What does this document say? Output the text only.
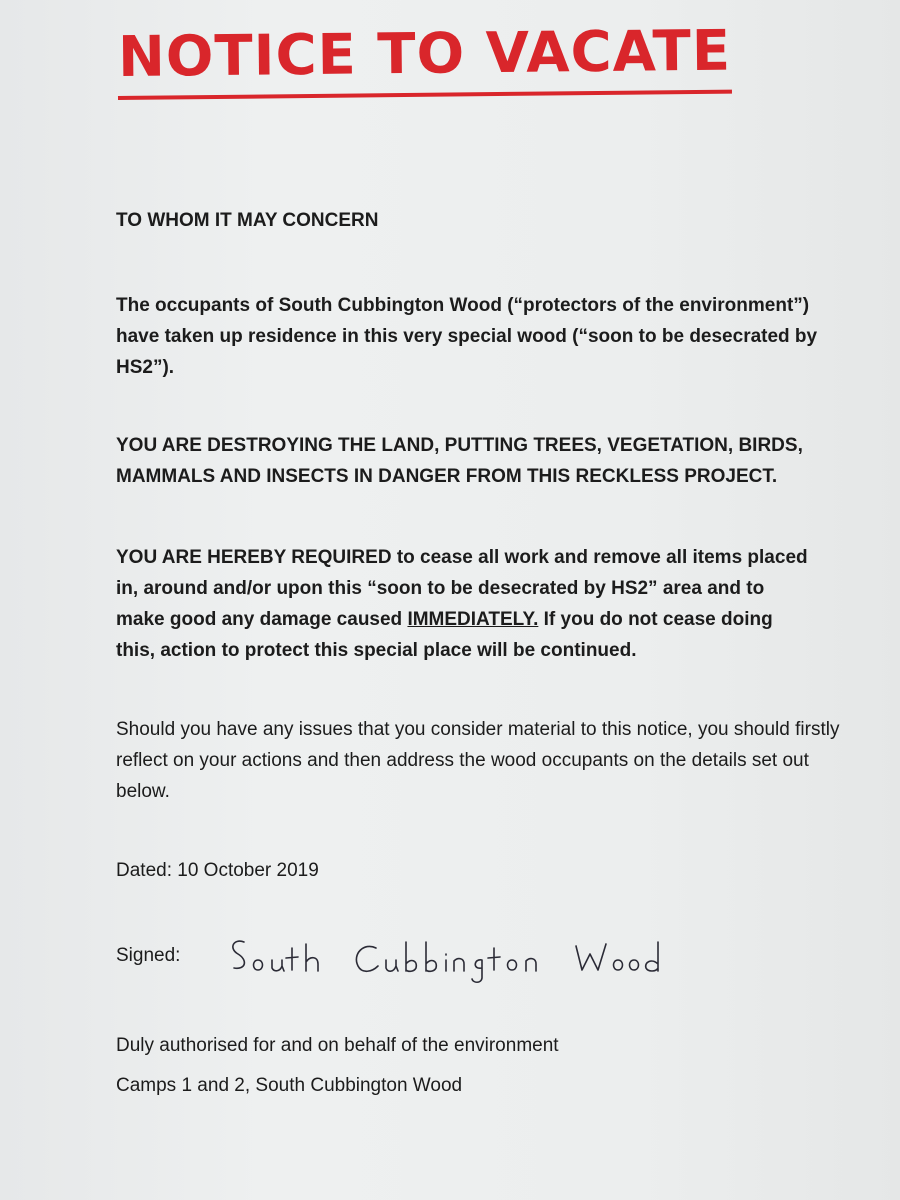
NOTICE TO VACATE

TO WHOM IT MAY CONCERN

The occupants of South Cubbington Wood (“protectors of the environment”) have taken up residence in this very special wood (“soon to be desecrated by HS2”).

YOU ARE DESTROYING THE LAND, PUTTING TREES, VEGETATION, BIRDS, MAMMALS AND INSECTS IN DANGER FROM THIS RECKLESS PROJECT.

YOU ARE HEREBY REQUIRED to cease all work and remove all items placed in, around and/or upon this “soon to be desecrated by HS2” area and to make good any damage caused IMMEDIATELY. If you do not cease doing this, action to protect this special place will be continued.

Should you have any issues that you consider material to this notice, you should firstly reflect on your actions and then address the wood occupants on the details set out below.

Dated: 10 October 2019

Signed:

Duly authorised for and on behalf of the environment

Camps 1 and 2, South Cubbington Wood
